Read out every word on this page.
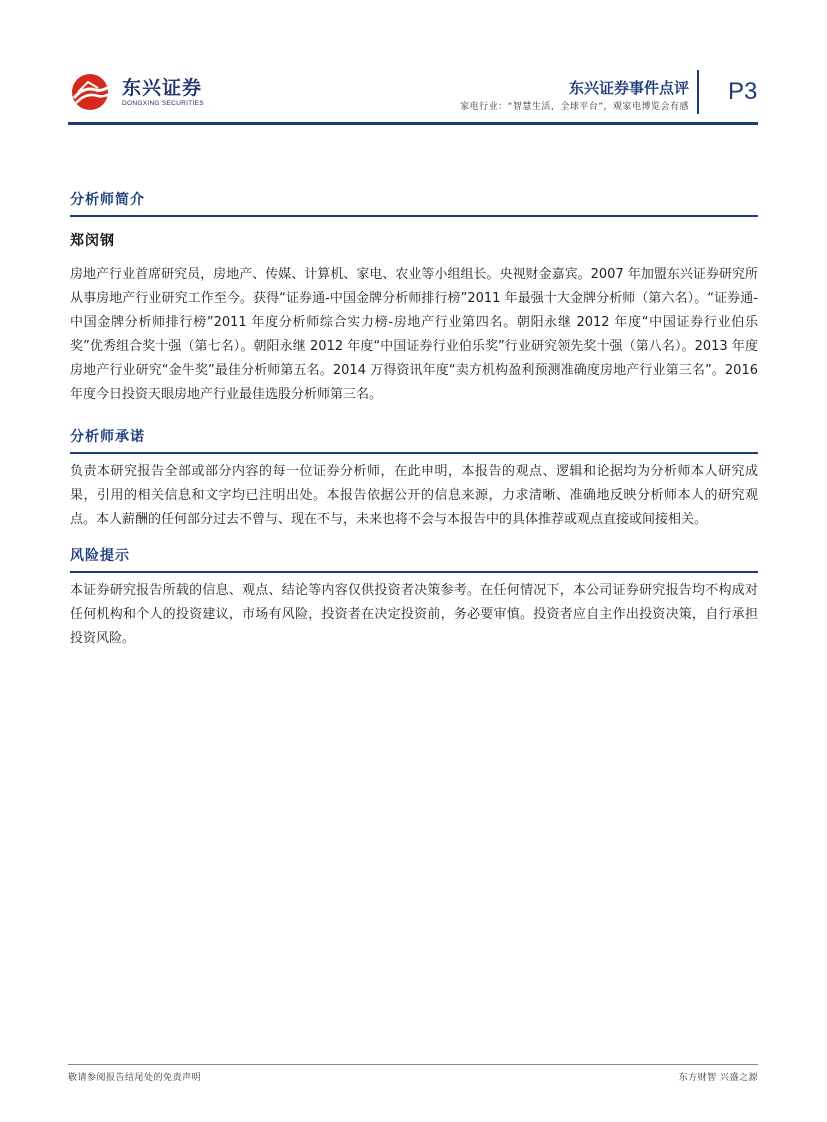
东兴证券
DONGXING SECURITIES
东兴证券事件点评
家电行业：“智慧生活，全球平台”，观家电博览会有感
P3
分析师简介
郑闵钢
房地产行业首席研究员，房地产、传媒、计算机、家电、农业等小组组长。央视财金嘉宾。2007 年加盟东兴证券研究所从事房地产行业研究工作至今。获得“证券通-中国金牌分析师排行榜”2011 年最强十大金牌分析师（第六名）。“证券通-中国金牌分析师排行榜”2011 年度分析师综合实力榜-房地产行业第四名。朝阳永继 2012 年度“中国证券行业伯乐奖”优秀组合奖十强（第七名）。朝阳永继 2012 年度“中国证券行业伯乐奖”行业研究领先奖十强（第八名）。2013 年度房地产行业研究“金牛奖”最佳分析师第五名。2014 万得资讯年度“卖方机构盈利预测准确度房地产行业第三名”。2016 年度今日投资天眼房地产行业最佳选股分析师第三名。
分析师承诺
负责本研究报告全部或部分内容的每一位证券分析师，在此申明，本报告的观点、逻辑和论据均为分析师本人研究成果，引用的相关信息和文字均已注明出处。本报告依据公开的信息来源，力求清晰、准确地反映分析师本人的研究观点。本人薪酬的任何部分过去不曾与、现在不与，未来也将不会与本报告中的具体推荐或观点直接或间接相关。
风险提示
本证券研究报告所载的信息、观点、结论等内容仅供投资者决策参考。在任何情况下，本公司证券研究报告均不构成对任何机构和个人的投资建议，市场有风险，投资者在决定投资前，务必要审慎。投资者应自主作出投资决策，自行承担投资风险。
敬请参阅报告结尾处的免责声明	东方财智 兴盛之源
